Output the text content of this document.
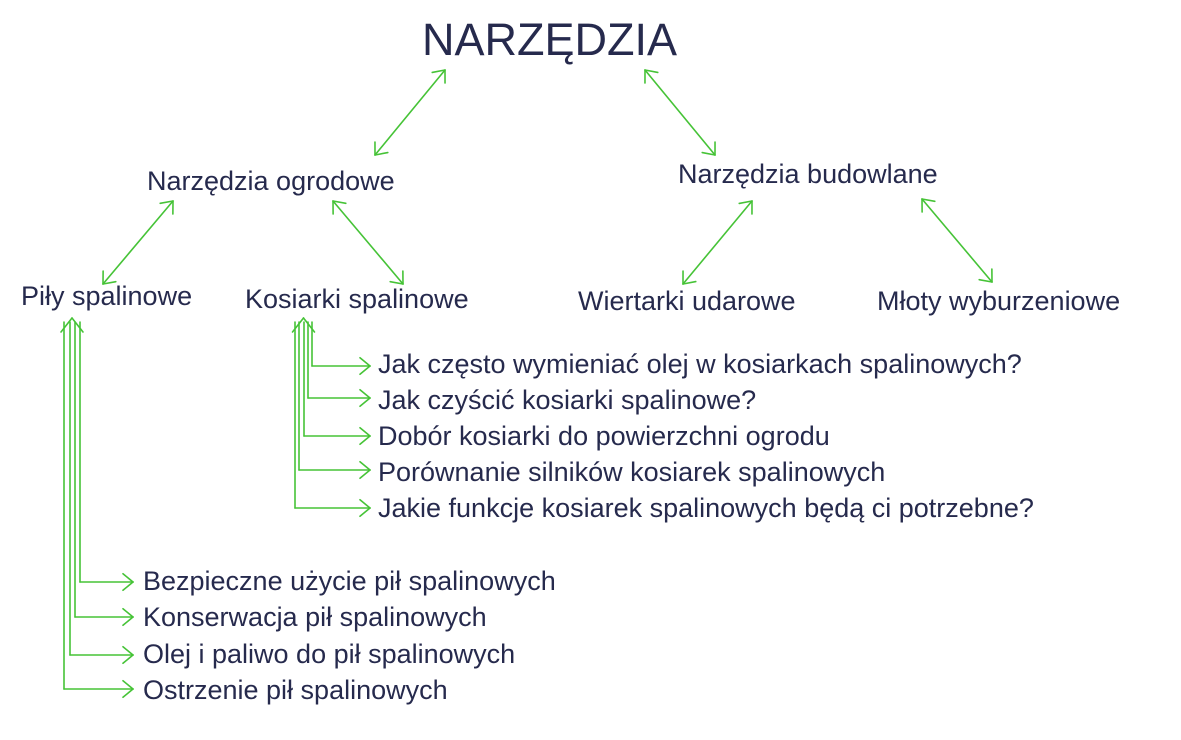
NARZĘDZIA
Narzędzia ogrodowe	Narzędzia budowlane
Piły spalinowe Kosiarki spalinowe	Wiertarki udarowe	Młoty wyburzeniowe
Jak często wymieniać olej w kosiarkach spalinowych?
Jak czyścić kosiarki spalinowe?
Dobór kosiarki do powierzchni ogrodu
Porównanie silników kosiarek spalinowych
Jakie funkcje kosiarek spalinowych będą ci potrzebne?
Bezpieczne użycie pił spalinowych
Konserwacja pił spalinowych
Olej i paliwo do pił spalinowych
Ostrzenie pił spalinowych
